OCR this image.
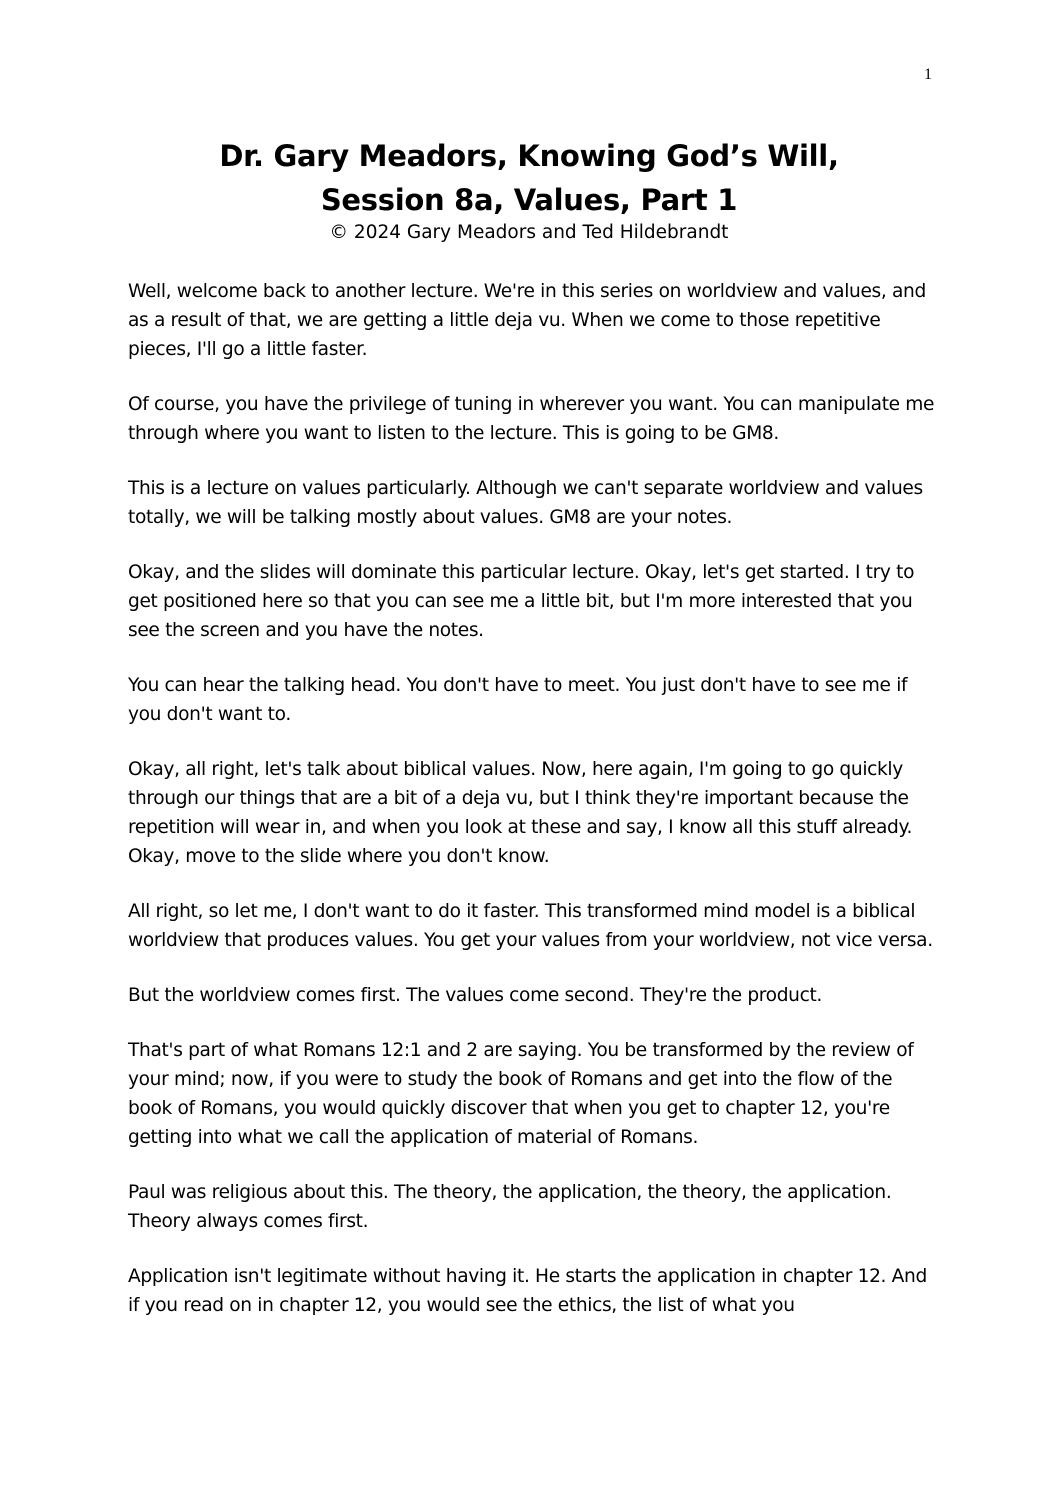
1
Dr. Gary Meadors, Knowing God’s Will,
Session 8a, Values, Part 1
© 2024 Gary Meadors and Ted Hildebrandt

Well, welcome back to another lecture. We're in this series on worldview and values, and as a result of that, we are getting a little deja vu. When we come to those repetitive pieces, I'll go a little faster.

Of course, you have the privilege of tuning in wherever you want. You can manipulate me through where you want to listen to the lecture. This is going to be GM8.

This is a lecture on values particularly. Although we can't separate worldview and values totally, we will be talking mostly about values. GM8 are your notes.

Okay, and the slides will dominate this particular lecture. Okay, let's get started. I try to get positioned here so that you can see me a little bit, but I'm more interested that you see the screen and you have the notes.

You can hear the talking head. You don't have to meet. You just don't have to see me if you don't want to.

Okay, all right, let's talk about biblical values. Now, here again, I'm going to go quickly through our things that are a bit of a deja vu, but I think they're important because the repetition will wear in, and when you look at these and say, I know all this stuff already. Okay, move to the slide where you don't know.

All right, so let me, I don't want to do it faster. This transformed mind model is a biblical worldview that produces values. You get your values from your worldview, not vice versa.

But the worldview comes first. The values come second. They're the product.

That's part of what Romans 12:1 and 2 are saying. You be transformed by the review of your mind; now, if you were to study the book of Romans and get into the flow of the book of Romans, you would quickly discover that when you get to chapter 12, you're getting into what we call the application of material of Romans.

Paul was religious about this. The theory, the application, the theory, the application. Theory always comes first.

Application isn't legitimate without having it. He starts the application in chapter 12. And if you read on in chapter 12, you would see the ethics, the list of what you
